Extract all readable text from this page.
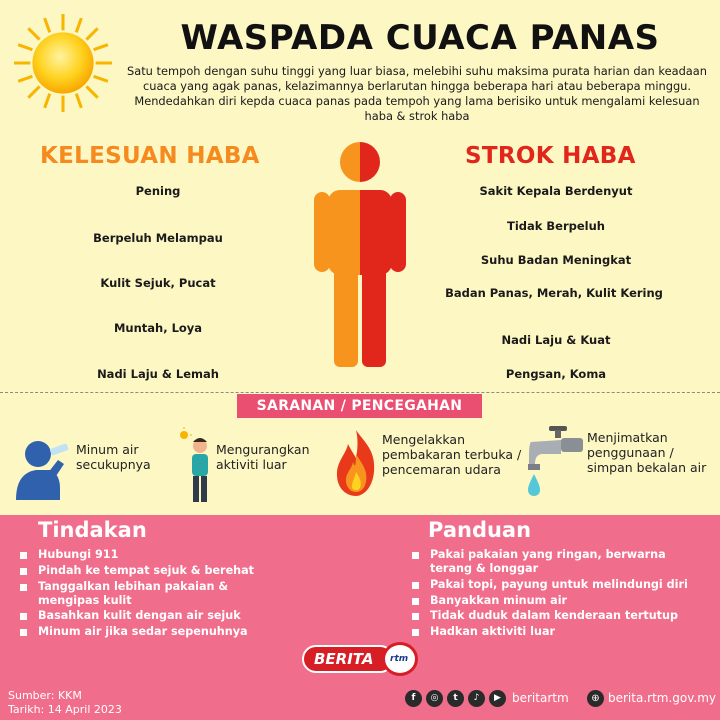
WASPADA CUACA PANAS
Satu tempoh dengan suhu tinggi yang luar biasa, melebihi suhu maksima purata harian dan keadaan cuaca yang agak panas, kelazimannya berlarutan hingga beberapa hari atau beberapa minggu. Mendedahkan diri kepda cuaca panas pada tempoh yang lama berisiko untuk mengalami kelesuan haba & strok haba
KELESUAN HABA	STROK HABA
Pening
Berpeluh Melampau
Kulit Sejuk, Pucat
Muntah, Loya
Nadi Laju & Lemah
Sakit Kepala Berdenyut
Tidak Berpeluh
Suhu Badan Meningkat
Badan Panas, Merah, Kulit Kering
Nadi Laju & Kuat
Pengsan, Koma
SARANAN / PENCEGAHAN
Minum air secukupnya
Mengurangkan aktiviti luar
Mengelakkan pembakaran terbuka / pencemaran udara
Menjimatkan penggunaan / simpan bekalan air
Tindakan
Hubungi 911
Pindah ke tempat sejuk & berehat
Tanggalkan lebihan pakaian & mengipas kulit
Basahkan kulit dengan air sejuk
Minum air jika sedar sepenuhnya
Panduan
Pakai pakaian yang ringan, berwarna terang & longgar
Pakai topi, payung untuk melindungi diri
Banyakkan minum air
Tidak duduk dalam kenderaan tertutup
Hadkan aktiviti luar
BERITA	rtm
Sumber: KKM
Tarikh: 14 April 2023
f	◎	t	♪	▶ beritartm	⊕ berita.rtm.gov.my
